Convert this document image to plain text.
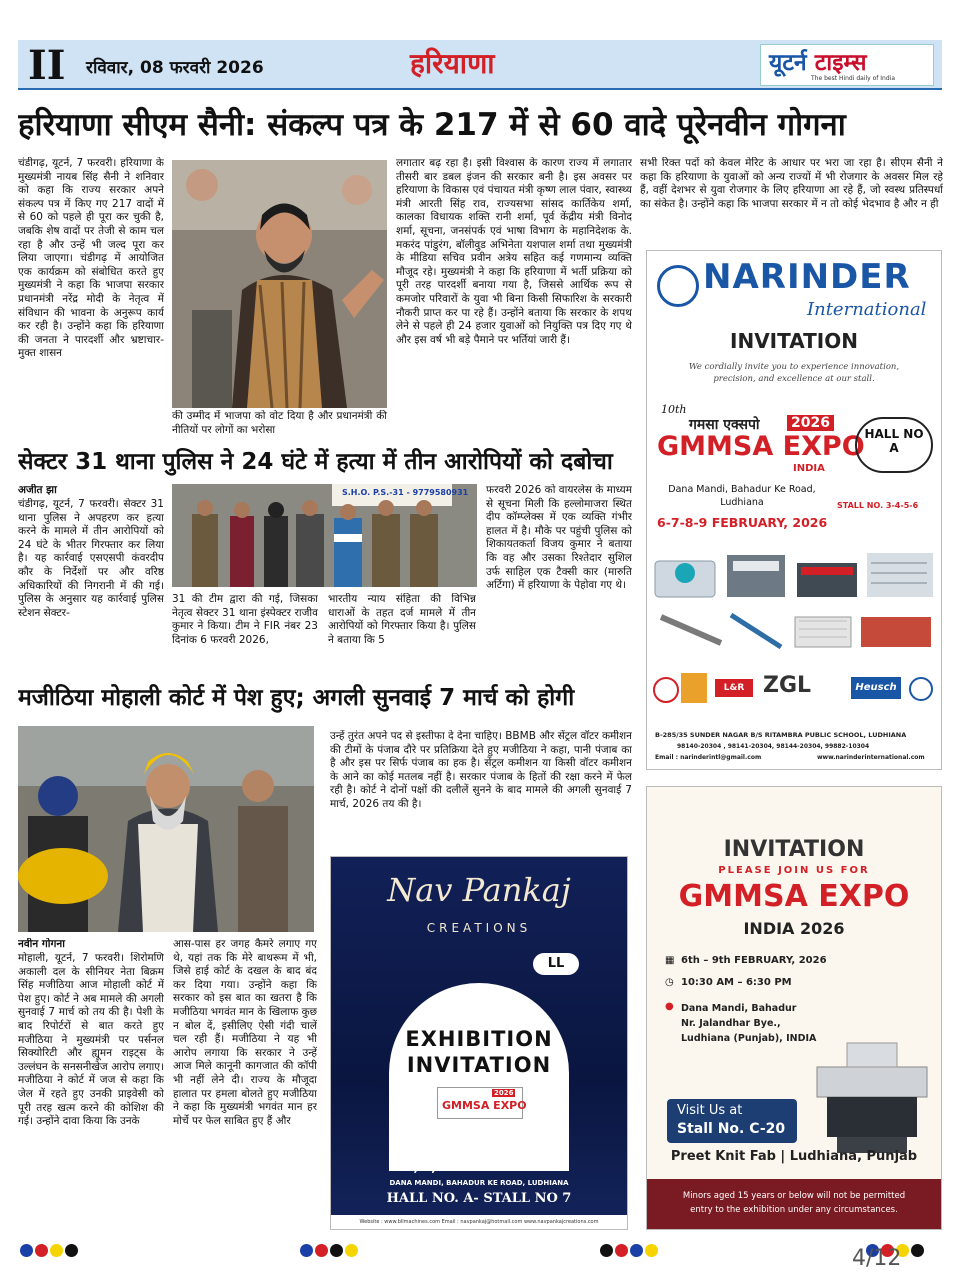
II रविवार, 08 फरवरी 2026	हरियाणा	यूटर्न टाइम्स
The best Hindi daily of India
हरियाणा सीएम सैनी: संकल्प पत्र के 217 में से 60 वादे पूरेनवीन गोगना
चंडीगढ़, यूटर्न, 7 फरवरी। हरियाणा के मुख्यमंत्री नायब सिंह सैनी ने शनिवार को कहा कि राज्य सरकार अपने संकल्प पत्र में किए गए 217 वादों में से 60 को पहले ही पूरा कर चुकी है, जबकि शेष वादों पर तेजी से काम चल रहा है और उन्हें भी जल्द पूरा कर लिया जाएगा। चंडीगढ़ में आयोजित एक कार्यक्रम को संबोधित करते हुए मुख्यमंत्री ने कहा कि भाजपा सरकार प्रधानमंत्री नरेंद्र मोदी के नेतृत्व में संविधान की भावना के अनुरूप कार्य कर रही है। उन्होंने कहा कि हरियाणा की जनता ने पारदर्शी और भ्रष्टाचार-मुक्त शासन
की उम्मीद में भाजपा को वोट दिया है और प्रधानमंत्री की नीतियों पर लोगों का भरोसा
लगातार बढ़ रहा है। इसी विश्वास के कारण राज्य में लगातार तीसरी बार डबल इंजन की सरकार बनी है। इस अवसर पर हरियाणा के विकास एवं पंचायत मंत्री कृष्ण लाल पंवार, स्वास्थ्य मंत्री आरती सिंह राव, राज्यसभा सांसद कार्तिकेय शर्मा, कालका विधायक शक्ति रानी शर्मा, पूर्व केंद्रीय मंत्री विनोद शर्मा, सूचना, जनसंपर्क एवं भाषा विभाग के महानिदेशक के. मकरंद पांडुरंग, बॉलीवुड अभिनेता यशपाल शर्मा तथा मुख्यमंत्री के मीडिया सचिव प्रवीन अत्रेय सहित कई गणमान्य व्यक्ति मौजूद रहे। मुख्यमंत्री ने कहा कि हरियाणा में भर्ती प्रक्रिया को पूरी तरह पारदर्शी बनाया गया है, जिससे आर्थिक रूप से कमजोर परिवारों के युवा भी बिना किसी सिफारिश के सरकारी नौकरी प्राप्त कर पा रहे हैं। उन्होंने बताया कि सरकार के शपथ लेने से पहले ही 24 हजार युवाओं को नियुक्ति पत्र दिए गए थे और इस वर्ष भी बड़े पैमाने पर भर्तियां जारी हैं।
सभी रिक्त पदों को केवल मेरिट के आधार पर भरा जा रहा है। सीएम सैनी ने कहा कि हरियाणा के युवाओं को अन्य राज्यों में भी रोजगार के अवसर मिल रहे हैं, वहीं देशभर से युवा रोजगार के लिए हरियाणा आ रहे हैं, जो स्वस्थ प्रतिस्पर्धा का संकेत है। उन्होंने कहा कि भाजपा सरकार में न तो कोई भेदभाव है और न ही
NARINDER
International
INVITATION
We cordially invite you to experience innovation, precision, and excellence at our stall.
10th
गमसा एक्सपो 2026
GMMSA EXPO
INDIA
HALL NO
A
Dana Mandi, Bahadur Ke Road,
Ludhiana	STALL NO. 3-4-5-6
6-7-8-9 FEBRUARY, 2026
L&R ZGL	Heusch
B-285/35 SUNDER NAGAR B/S RITAMBRA PUBLIC SCHOOL, LUDHIANA
98140-20304 , 98141-20304, 98144-20304, 99882-10304
Email : narinderintl@gmail.com	www.narinderinternational.com
सेक्टर 31 थाना पुलिस ने 24 घंटे में हत्या में तीन आरोपियों को दबोचा
अजीत झा
चंडीगढ़, यूटर्न, 7 फरवरी। सेक्टर 31 थाना पुलिस ने अपहरण कर हत्या करने के मामले में तीन आरोपियों को 24 घंटे के भीतर गिरफ्तार कर लिया है। यह कार्रवाई एसएसपी कंवरदीप कौर के निर्देशों पर और वरिष्ठ अधिकारियों की निगरानी में की गई। पुलिस के अनुसार यह कार्रवाई पुलिस स्टेशन सेक्टर-
S.H.O. P.S.-31 - 9779580931
31 की टीम द्वारा की गई, जिसका नेतृत्व सेक्टर 31 थाना इंस्पेक्टर राजीव कुमार ने किया। टीम ने FIR नंबर 23 दिनांक 6 फरवरी 2026,
भारतीय न्याय संहिता की विभिन्न धाराओं के तहत दर्ज मामले में तीन आरोपियों को गिरफ्तार किया है। पुलिस ने बताया कि 5
फरवरी 2026 को वायरलेस के माध्यम से सूचना मिली कि हल्लोमाजरा स्थित दीप कॉम्प्लेक्स में एक व्यक्ति गंभीर हालत में है। मौके पर पहुंची पुलिस को शिकायतकर्ता विजय कुमार ने बताया कि वह और उसका रिश्तेदार सुशिल उर्फ साहिल एक टैक्सी कार (मारुति अर्टिगा) में हरियाणा के पेहोवा गए थे।
मजीठिया मोहाली कोर्ट में पेश हुए; अगली सुनवाई 7 मार्च को होगी
नवीन गोगना
मोहाली, यूटर्न, 7 फरवरी। शिरोमणि अकाली दल के सीनियर नेता बिक्रम सिंह मजीठिया आज मोहाली कोर्ट में पेश हुए। कोर्ट ने अब मामले की अगली सुनवाई 7 मार्च को तय की है। पेशी के बाद रिपोर्टरों से बात करते हुए मजीठिया ने मुख्यमंत्री पर पर्सनल सिक्योरिटी और ह्यूमन राइट्स के उल्लंघन के सनसनीखेज आरोप लगाए। मजीठिया ने कोर्ट में जज से कहा कि जेल में रहते हुए उनकी प्राइवेसी को पूरी तरह खत्म करने की कोशिश की गई। उन्होंने दावा किया कि उनके
आस-पास हर जगह कैमरे लगाए गए थे, यहां तक कि मेरे बाथरूम में भी, जिसे हाई कोर्ट के दखल के बाद बंद कर दिया गया। उन्होंने कहा कि सरकार को इस बात का खतरा है कि मजीठिया भगवंत मान के खिलाफ कुछ न बोल दें, इसीलिए ऐसी गंदी चालें चल रही हैं। मजीठिया ने यह भी आरोप लगाया कि सरकार ने उन्हें आज मिले कानूनी कागजात की कॉपी भी नहीं लेने दी। राज्य के मौजूदा हालात पर हमला बोलते हुए मजीठिया ने कहा कि मुख्यमंत्री भगवंत मान हर मोर्चे पर फेल साबित हुए हैं और
उन्हें तुरंत अपने पद से इस्तीफा दे देना चाहिए। BBMB और सेंट्रल वॉटर कमीशन की टीमों के पंजाब दौरे पर प्रतिक्रिया देते हुए मजीठिया ने कहा, पानी पंजाब का है और इस पर सिर्फ पंजाब का हक है। सेंट्रल कमीशन या किसी वॉटर कमीशन के आने का कोई मतलब नहीं है। सरकार पंजाब के हितों की रक्षा करने में फेल रही है। कोर्ट ने दोनों पक्षों की दलीलें सुनने के बाद मामले की अगली सुनवाई 7 मार्च, 2026 तय की है।
Nav Pankaj
CREATIONS
LL
EXHIBITION
INVITATION
2026
GMMSA EXPO
6 7, 8, 9 FEBRUARY 2026
DANA MANDI, BAHADUR KE ROAD, LUDHIANA
HALL NO. A- STALL NO 7
Website : www.bllmachines.com Email : navpankaj@hotmail.com www.navpankajcreations.com
INVITATION
PLEASE JOIN US FOR
GMMSA EXPO
INDIA 2026
▦ 6th – 9th FEBRUARY, 2026
◷ 10:30 AM – 6:30 PM
● Dana Mandi, Bahadur
Nr. Jalandhar Bye.,
Ludhiana (Punjab), INDIA
Visit Us at
Stall No. C-20
Preet Knit Fab | Ludhiana, Punjab
Minors aged 15 years or below will not be permitted
entry to the exhibition under any circumstances.
4/12
